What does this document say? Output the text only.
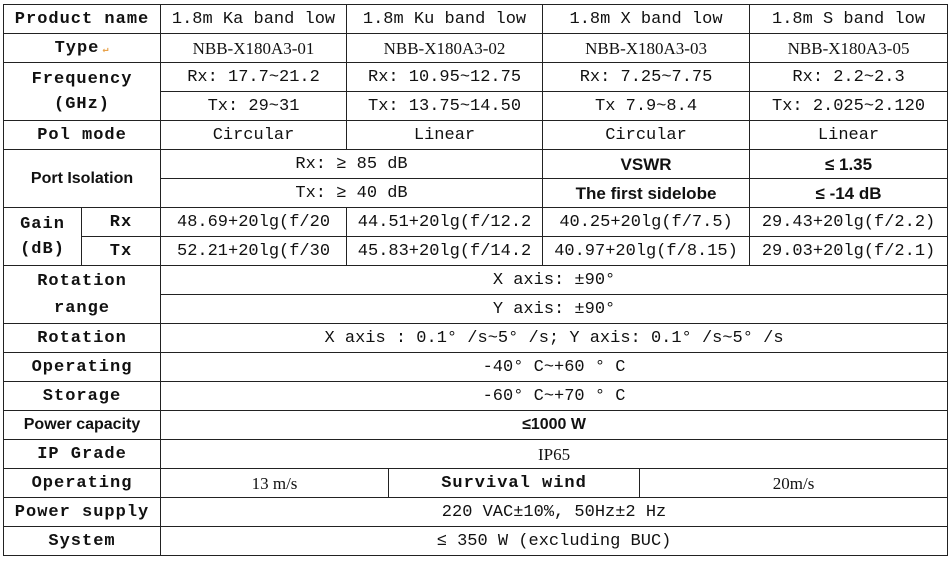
Product name		1.8m Ka band low	1.8m Ku band low		1.8m X band low		1.8m S band low
Type ↵		NBB-X180A3-01	NBB-X180A3-02		NBB-X180A3-03		NBB-X180A3-05

Frequency
(GHz)		Rx: 17.7~21.2	Rx: 10.95~12.75		Rx: 7.25~7.75		Rx: 2.2~2.3
		Tx: 29~31	Tx: 13.75~14.50		Tx 7.9~8.4		Tx: 2.025~2.120
Pol mode		Circular	Linear		Circular		Linear
Port Isolation		Rx: ≥ 85 dB			VSWR		≤ 1.35
		Tx: ≥ 40 dB			The first sidelobe		≤ -14 dB

Gain
(dB)	Rx	48.69+20lg(f/20	44.51+20lg(f/12.2		40.25+20lg(f/7.5)		29.43+20lg(f/2.2)
	Tx	52.21+20lg(f/30	45.83+20lg(f/14.2		40.97+20lg(f/8.15)		29.03+20lg(f/2.1)

Rotation
range		X axis: ±90°					
		Y axis: ±90°					
Rotation		X axis : 0.1° /s~5° /s; Y axis: 0.1° /s~5° /s					
Operating		-40° C~+60 ° C					
Storage		-60° C~+70 ° C					
Power capacity		≤1000 W					
IP Grade		IP65					
Operating		13 m/s		Survival wind		20m/s	
Power supply		220 VAC±10%, 50Hz±2 Hz					
System		≤ 350 W (excluding BUC)					
